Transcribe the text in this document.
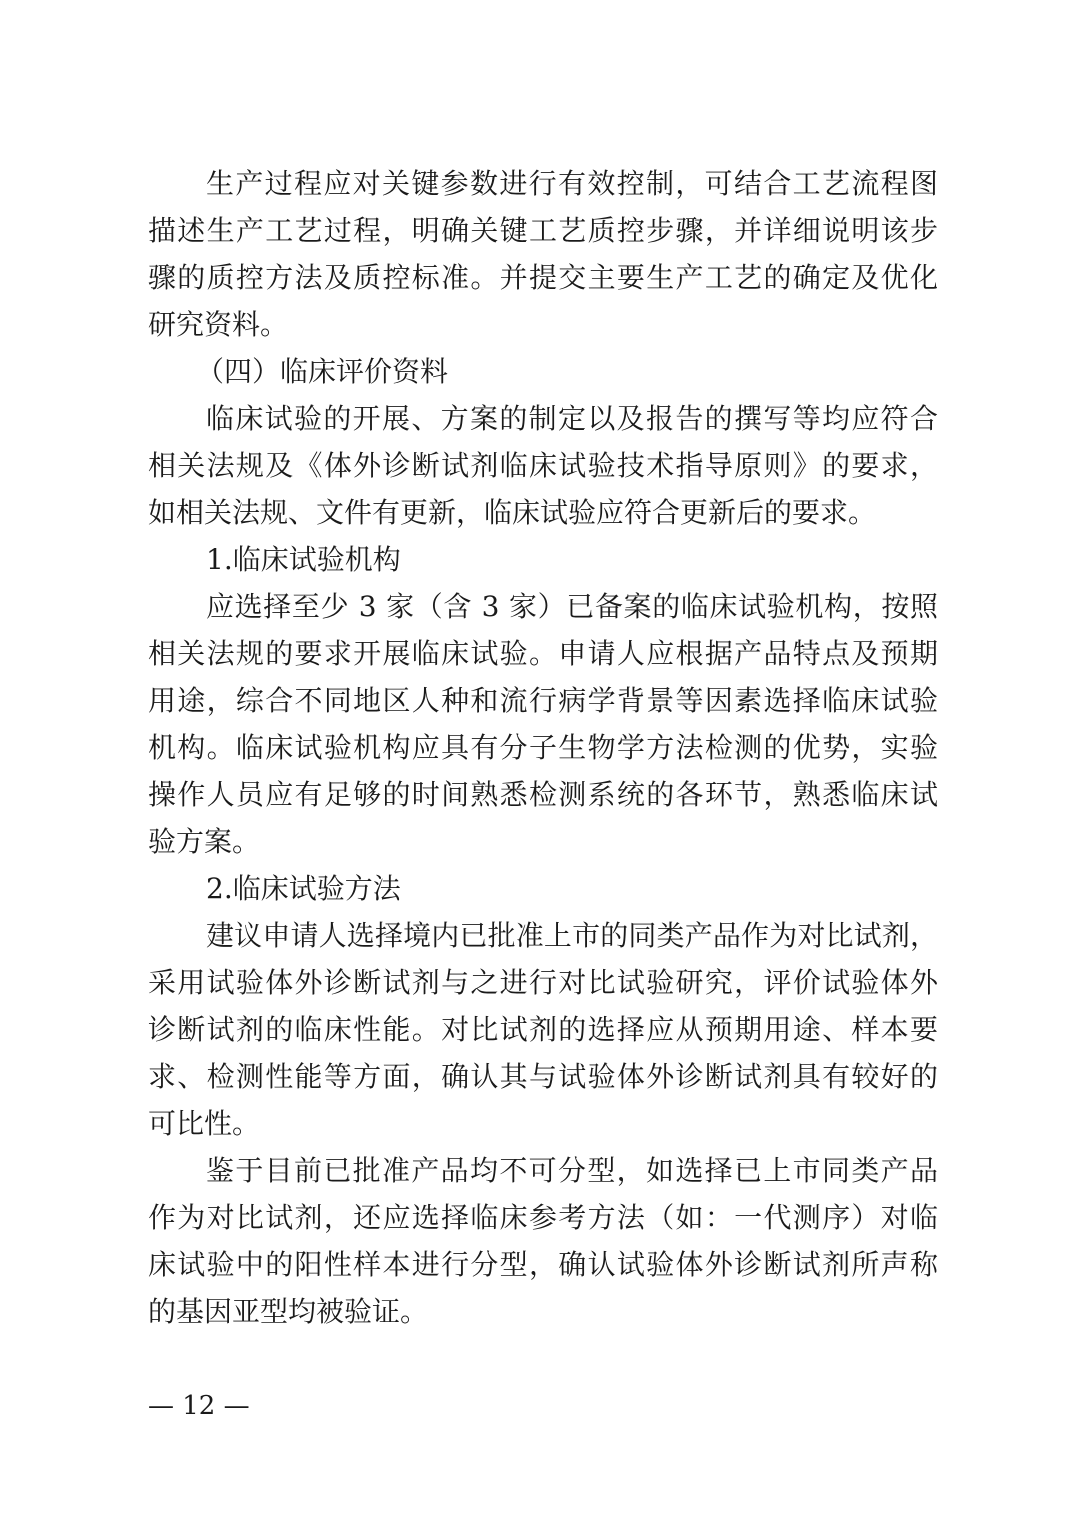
生产过程应对关键参数进行有效控制，可结合工艺流程图
描述生产工艺过程，明确关键工艺质控步骤，并详细说明该步
骤的质控方法及质控标准。并提交主要生产工艺的确定及优化
研究资料。
（四）临床评价资料
临床试验的开展、方案的制定以及报告的撰写等均应符合
相关法规及《体外诊断试剂临床试验技术指导原则》的要求，
如相关法规、文件有更新，临床试验应符合更新后的要求。
1.临床试验机构
应选择至少 3 家（含 3 家）已备案的临床试验机构，按照
相关法规的要求开展临床试验。申请人应根据产品特点及预期
用途，综合不同地区人种和流行病学背景等因素选择临床试验
机构。临床试验机构应具有分子生物学方法检测的优势，实验
操作人员应有足够的时间熟悉检测系统的各环节，熟悉临床试
验方案。
2.临床试验方法
建议申请人选择境内已批准上市的同类产品作为对比试剂，
采用试验体外诊断试剂与之进行对比试验研究，评价试验体外
诊断试剂的临床性能。对比试剂的选择应从预期用途、样本要
求、检测性能等方面，确认其与试验体外诊断试剂具有较好的
可比性。
鉴于目前已批准产品均不可分型，如选择已上市同类产品
作为对比试剂，还应选择临床参考方法（如：一代测序）对临
床试验中的阳性样本进行分型，确认试验体外诊断试剂所声称
的基因亚型均被验证。
— 12 —
